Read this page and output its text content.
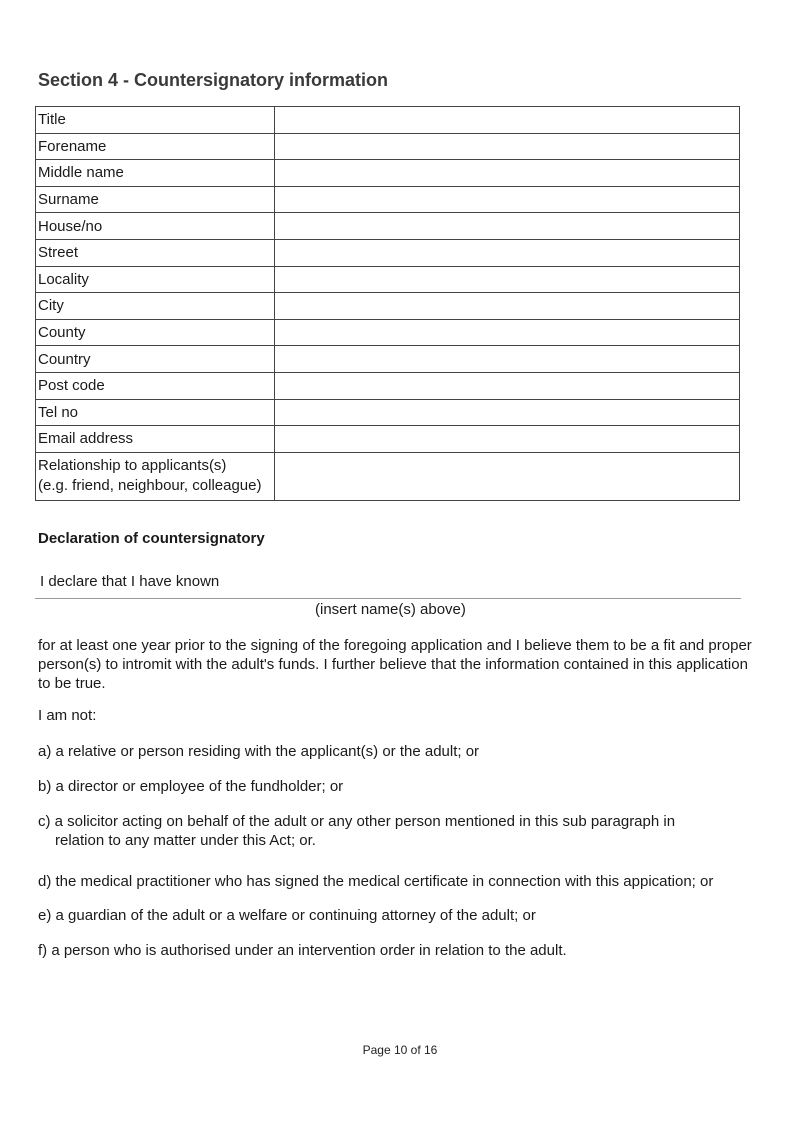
Section 4 - Countersignatory information
Title	
Forename	
Middle name	
Surname	
House/no	
Street	
Locality	
City	
County	
Country	
Post code	
Tel no	
Email address	
Relationship to applicants(s)
(e.g. friend, neighbour, colleague)	
Declaration of countersignatory
I declare that I have known
(insert name(s) above)

for at least one year prior to the signing of the foregoing application and I believe them to be a fit and proper person(s) to intromit with the adult's funds. I further believe that the information contained in this application to be true.

I am not:

a) a relative or person residing with the applicant(s) or the adult; or

b) a director or employee of the fundholder; or

c) a solicitor acting on behalf of the adult or any other person mentioned in this sub paragraph in
relation to any matter under this Act; or.

d) the medical practitioner who has signed the medical certificate in connection with this appication; or

e) a guardian of the adult or a welfare or continuing attorney of the adult; or

f) a person who is authorised under an intervention order in relation to the adult.

Page 10 of 16
